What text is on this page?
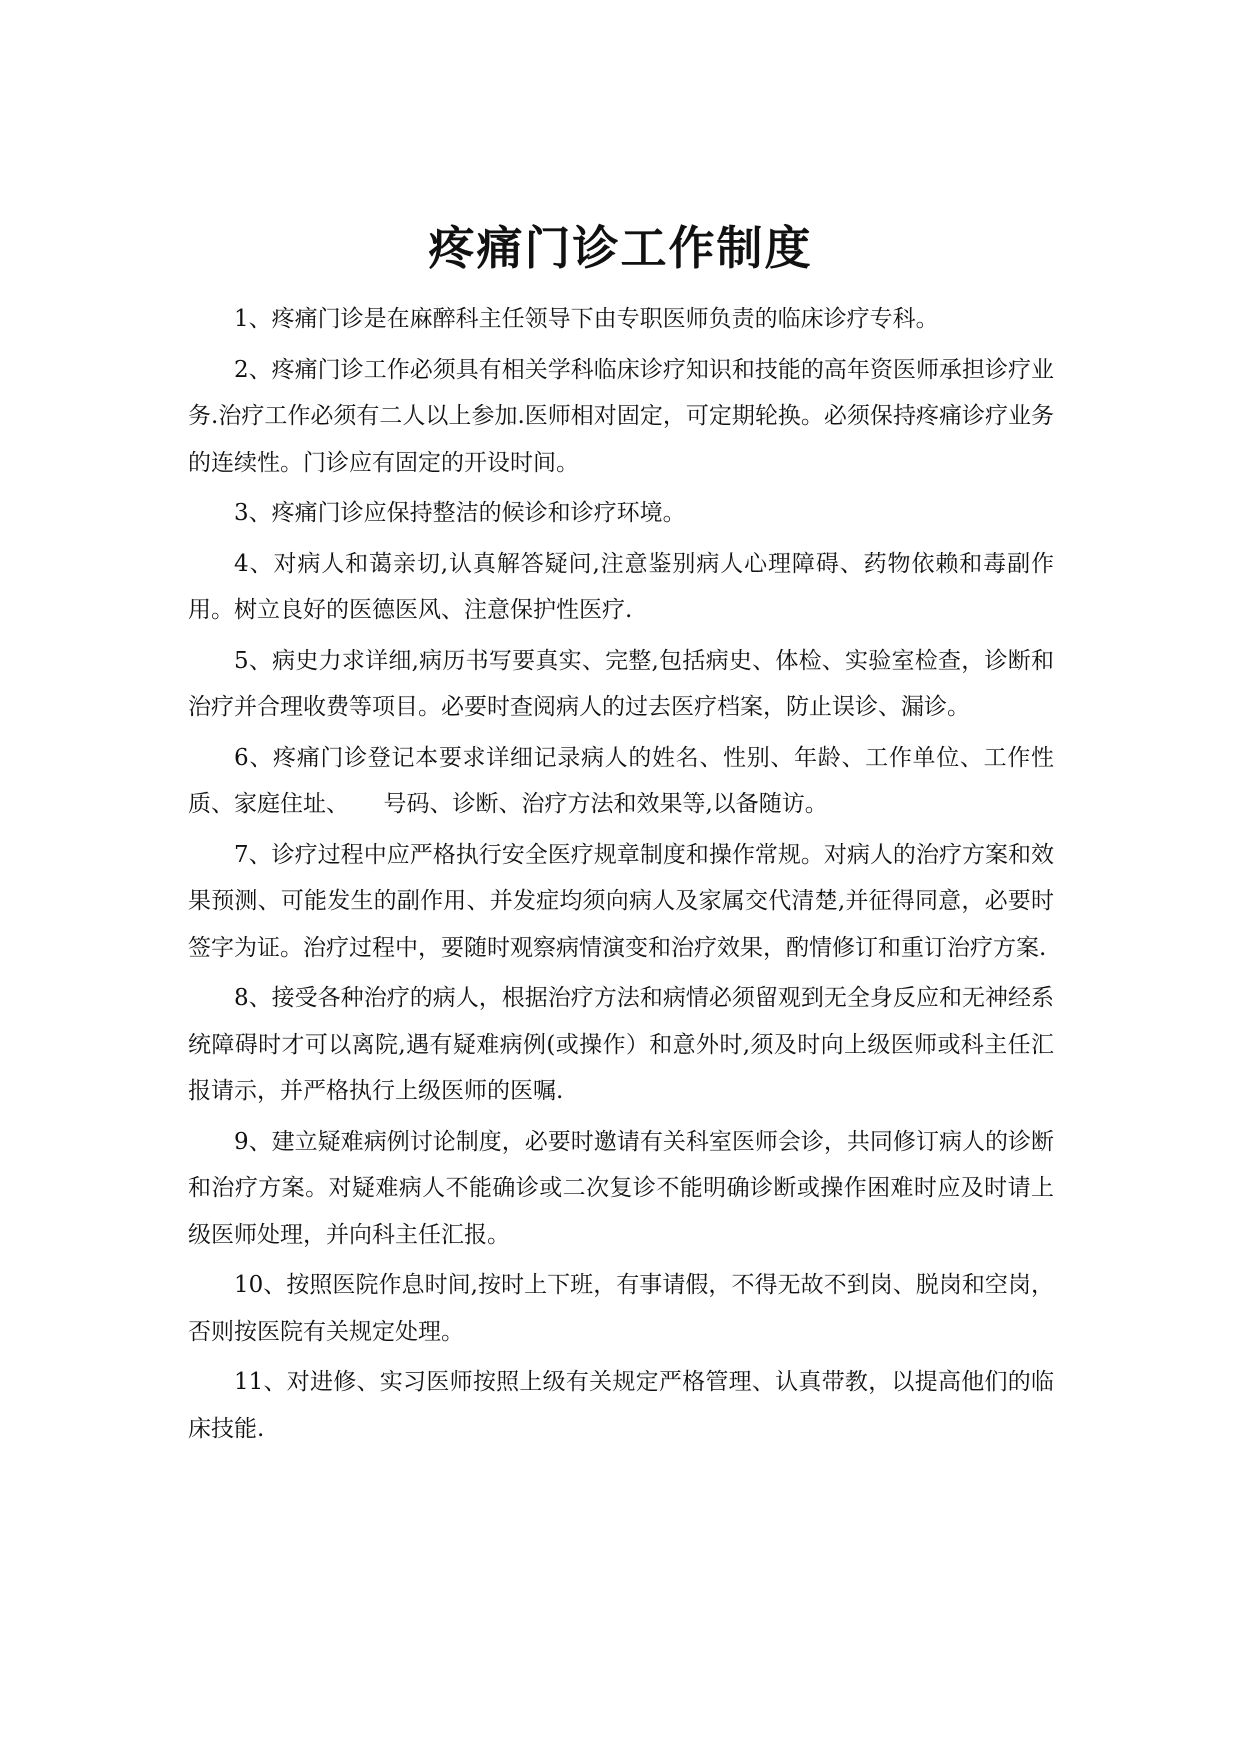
疼痛门诊工作制度

1、疼痛门诊是在麻醉科主任领导下由专职医师负责的临床诊疗专科。

2、疼痛门诊工作必须具有相关学科临床诊疗知识和技能的高年资医师承担诊疗业务.治疗工作必须有二人以上参加.医师相对固定，可定期轮换。必须保持疼痛诊疗业务的连续性。门诊应有固定的开设时间。

3、疼痛门诊应保持整洁的候诊和诊疗环境。

4、对病人和蔼亲切,认真解答疑问,注意鉴别病人心理障碍、药物依赖和毒副作用。树立良好的医德医风、注意保护性医疗.

5、病史力求详细,病历书写要真实、完整,包括病史、体检、实验室检查，诊断和治疗并合理收费等项目。必要时查阅病人的过去医疗档案，防止误诊、漏诊。

6、疼痛门诊登记本要求详细记录病人的姓名、性别、年龄、工作单位、工作性质、家庭住址、　　号码、诊断、治疗方法和效果等,以备随访。

7、诊疗过程中应严格执行安全医疗规章制度和操作常规。对病人的治疗方案和效果预测、可能发生的副作用、并发症均须向病人及家属交代清楚,并征得同意，必要时签字为证。治疗过程中，要随时观察病情演变和治疗效果，酌情修订和重订治疗方案.

8、接受各种治疗的病人，根据治疗方法和病情必须留观到无全身反应和无神经系统障碍时才可以离院,遇有疑难病例(或操作）和意外时,须及时向上级医师或科主任汇报请示，并严格执行上级医师的医嘱.

9、建立疑难病例讨论制度，必要时邀请有关科室医师会诊，共同修订病人的诊断和治疗方案。对疑难病人不能确诊或二次复诊不能明确诊断或操作困难时应及时请上级医师处理，并向科主任汇报。

10、按照医院作息时间,按时上下班，有事请假，不得无故不到岗、脱岗和空岗，否则按医院有关规定处理。

11、对进修、实习医师按照上级有关规定严格管理、认真带教，以提高他们的临床技能.
